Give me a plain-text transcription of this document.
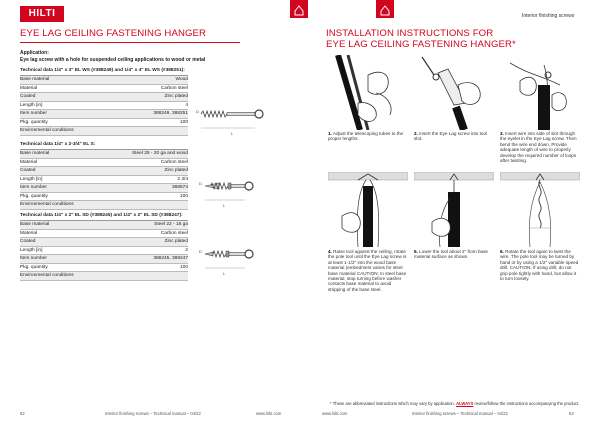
HILTI	Interior finishing screws
EYE LAG CEILING FASTENING HANGER
Application:
Eye lag screw with a hole for suspended ceiling applications to wood or metal
Technical data 1/4" x 3" EL WS (#388249) and 1/4" x 4" EL WS (#388251):
Base material	Wood
Material	Carbon steel
Coated	Zinc plated
Length [in]	4
Item number	388249, 388251
Pkg. quantity	100
Environmental conditions
Technical data 1/4" x 2-3/4" EL S:
Base material	Steel 25 - 20 ga and wood
Material	Carbon steel
Coated	Zinc plated
Length [in]	2 3/4
Item number	388574
Pkg. quantity	100
Environmental conditions
Technical data 1/4" x 2" EL SD (#388245) and 1/4" x 2" EL SD (#388247):
Base material	Steel 22 - 16 ga
Material	Carbon steel
Coated	Zinc plated
Length [in]	2
Item number	388245, 388247
Pkg. quantity	100
Environmental conditions
L
D
L
D
L
D
INSTALLATION INSTRUCTIONS FOR
EYE LAG CEILING FASTENING HANGER*
1. Adjust the telescoping tubes to the proper lengths.
2. Insert the Eye Lag screw into tool slot.
3. Insert wire into side of slot through the eyelet in the Eye Lag screw. Then bend the wire end down. Provide adequate length of wire to properly develop the required number of loops after twisting.
4. Raise tool against the ceiling, rotate the pole tool until the Eye Lag screw is at least 1-1/2" into the wood base material (embedment varies for steel base material CAUTION: In steel base material, stop turning before washer contacts base material to avoid stripping of the base steel.
5. Lower the tool about 2" from base material surface as shown.
6. Rotate the tool again to twist the wire. The pole tool may be turned by hand or by using a 1/2" variable speed drill. CAUTION: If using drill, do not grip pole tightly with hand, but allow it to turn loosely.
* These are abbreviated instructions which may vary by application. ALWAYS review/follow the instructions accompanying the product.
52	Interior finishing screws – Technical manual – 04/22	www.hilti.com	www.hilti.com	Interior finishing screws – Technical manual – 04/22	53
